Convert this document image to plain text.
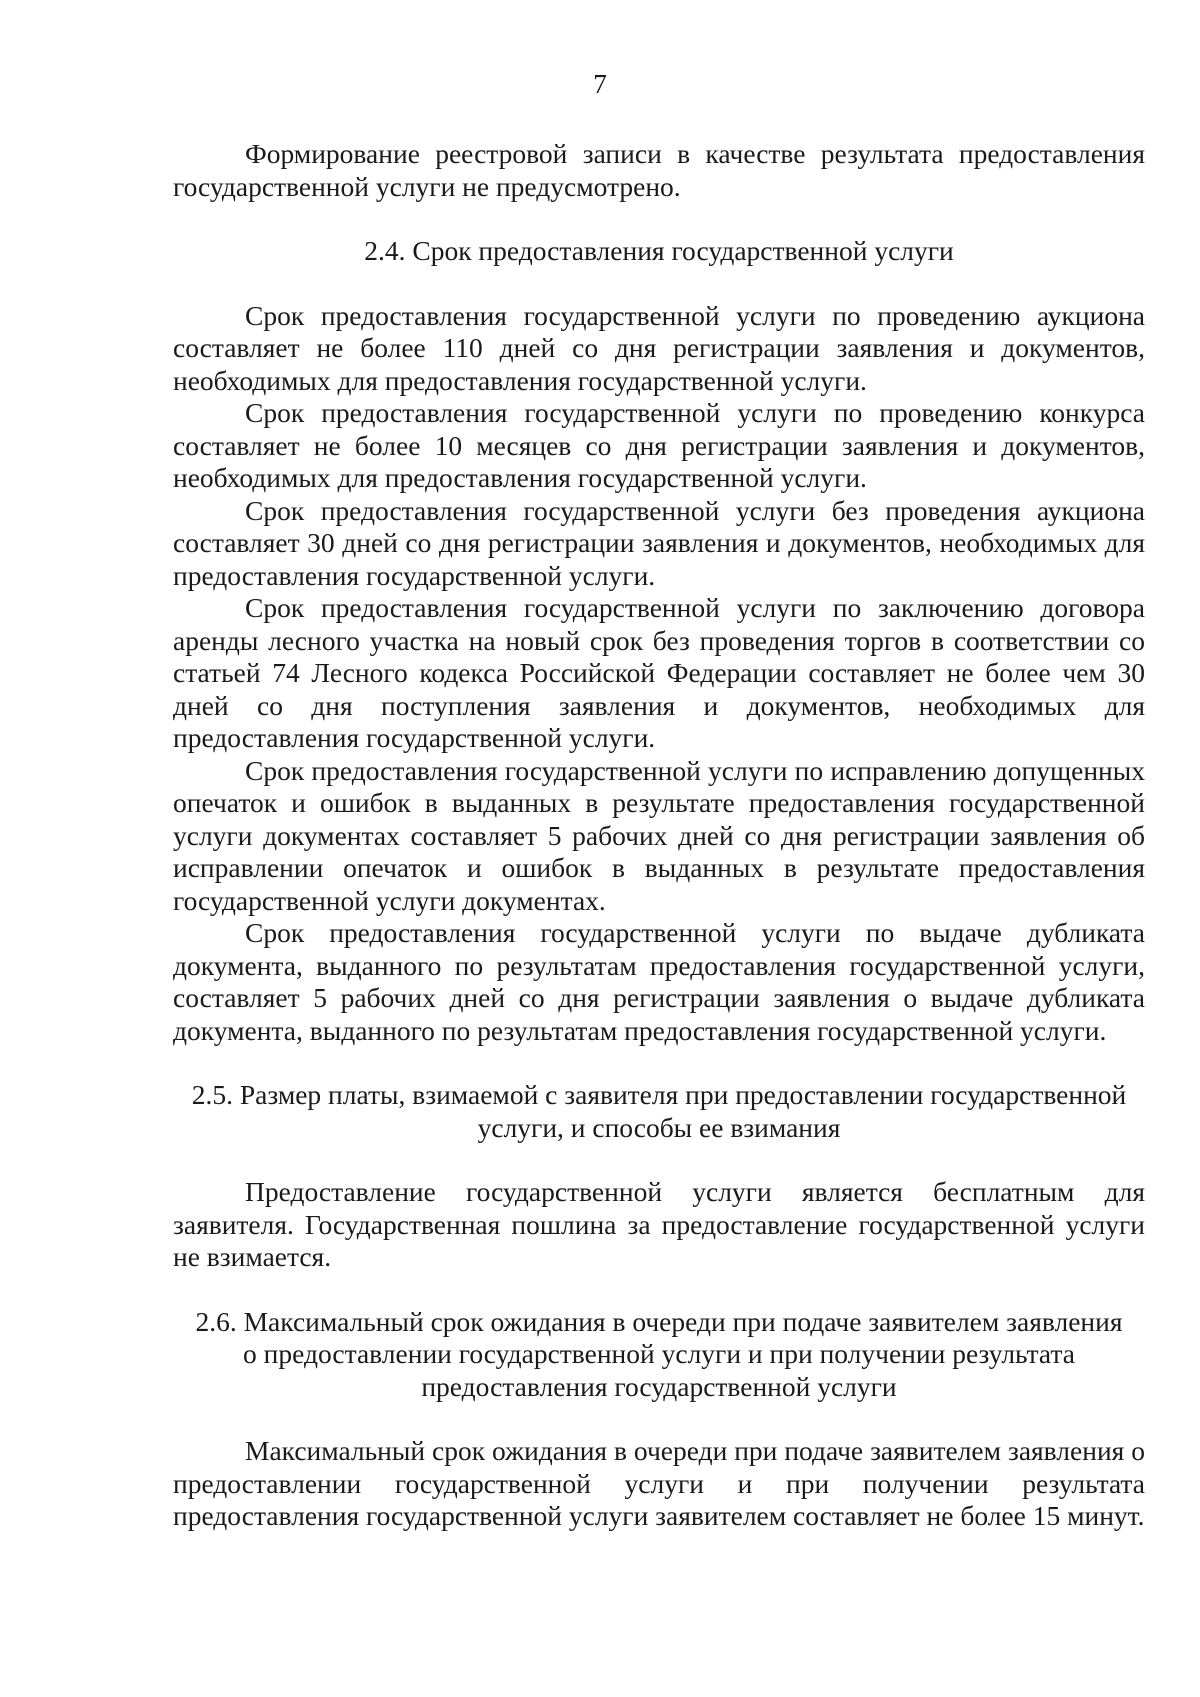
7

Формирование реестровой записи в качестве результата предоставления государственной услуги не предусмотрено.

2.4. Срок предоставления государственной услуги

Срок предоставления государственной услуги по проведению аукциона составляет не более 110 дней со дня регистрации заявления и документов, необходимых для предоставления государственной услуги.

Срок предоставления государственной услуги по проведению конкурса составляет не более 10 месяцев со дня регистрации заявления и документов, необходимых для предоставления государственной услуги.

Срок предоставления государственной услуги без проведения аукциона составляет 30 дней со дня регистрации заявления и документов, необходимых для предоставления государственной услуги.

Срок предоставления государственной услуги по заключению договора аренды лесного участка на новый срок без проведения торгов в соответствии со статьей 74 Лесного кодекса Российской Федерации составляет не более чем 30 дней со дня поступления заявления и документов, необходимых для предоставления государственной услуги.

Срок предоставления государственной услуги по исправлению допущенных опечаток и ошибок в выданных в результате предоставления государственной услуги документах составляет 5 рабочих дней со дня регистрации заявления об исправлении опечаток и ошибок в выданных в результате предоставления государственной услуги документах.

Срок предоставления государственной услуги по выдаче дубликата документа, выданного по результатам предоставления государственной услуги, составляет 5 рабочих дней со дня регистрации заявления о выдаче дубликата документа, выданного по результатам предоставления государственной услуги.

2.5. Размер платы, взимаемой с заявителя при предоставлении государственной

услуги, и способы ее взимания

Предоставление государственной услуги является бесплатным для заявителя. Государственная пошлина за предоставление государственной услуги не взимается.

2.6. Максимальный срок ожидания в очереди при подаче заявителем заявления

о предоставлении государственной услуги и при получении результата

предоставления государственной услуги

Максимальный срок ожидания в очереди при подаче заявителем заявления о предоставлении государственной услуги и при получении результата предоставления государственной услуги заявителем составляет не более 15 минут.
